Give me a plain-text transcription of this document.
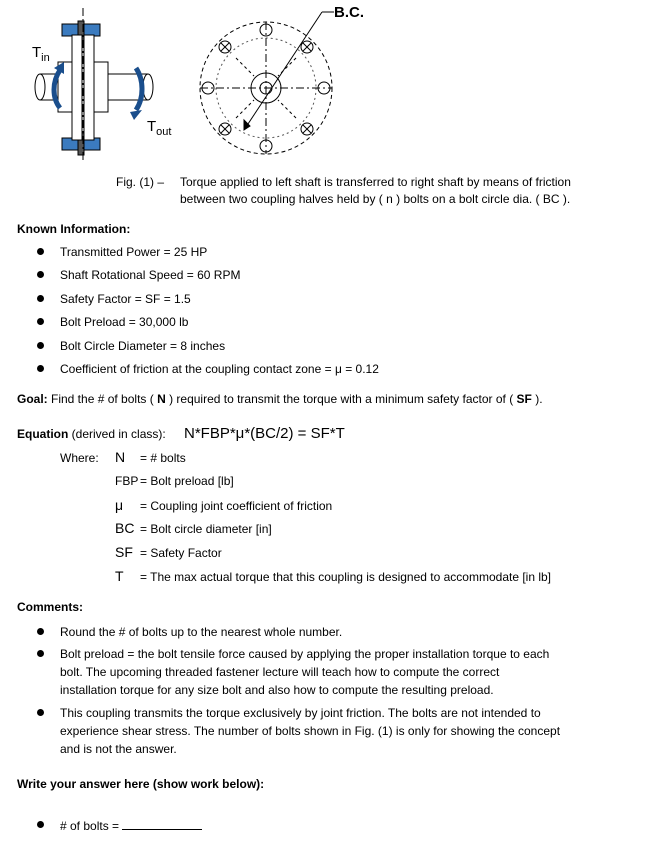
B.C.
$T_{in}$
$T_{out}$
Fig. (1) – Torque applied to left shaft is transferred to right shaft by means of friction
between two coupling halves held by ( n ) bolts on a bolt circle dia. ( BC ).
Known Information:
Transmitted Power = 25 HP
Shaft Rotational Speed = 60 RPM
Safety Factor = SF = 1.5
Bolt Preload = 30,000 lb
Bolt Circle Diameter = 8 inches
Coefficient of friction at the coupling contact zone = μ = 0.12
Goal: Find the # of bolts ( N ) required to transmit the torque with a minimum safety factor of ( SF ).
Equation (derived in class): N*FBP*μ*(BC/2) = SF*T
Where: N = # bolts
FBP = Bolt preload [lb]
μ = Coupling joint coefficient of friction
BC = Bolt circle diameter [in]
SF = Safety Factor
T = The max actual torque that this coupling is designed to accommodate [in lb]
Comments:
Round the # of bolts up to the nearest whole number.
Bolt preload = the bolt tensile force caused by applying the proper installation torque to each
bolt. The upcoming threaded fastener lecture will teach how to compute the correct
installation torque for any size bolt and also how to compute the resulting preload.
This coupling transmits the torque exclusively by joint friction. The bolts are not intended to
experience shear stress. The number of bolts shown in Fig. (1) is only for showing the concept
and is not the answer.
Write your answer here (show work below):
# of bolts =
